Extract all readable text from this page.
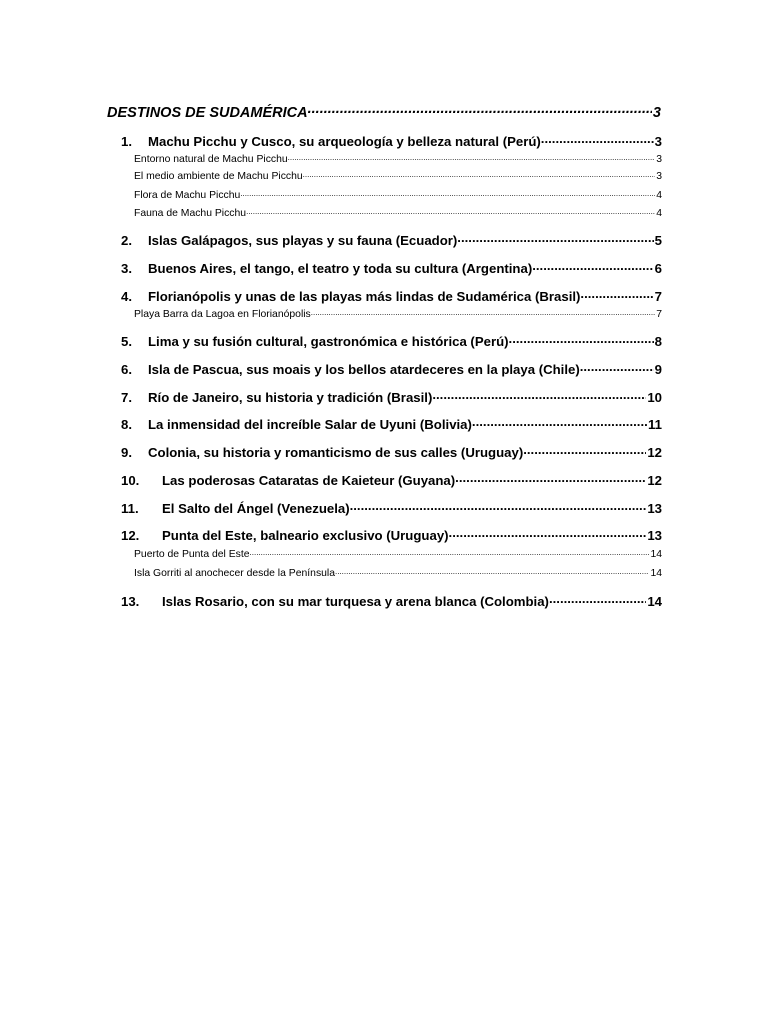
DESTINOS DE SUDAMÉRICA .....	3
1.	Machu Picchu y Cusco, su arqueología y belleza natural (Perú) .....	3
Entorno natural de Machu Picchu .....	3
El medio ambiente de Machu Picchu .....	3
Flora de Machu Picchu .....	4
Fauna de Machu Picchu .....	4
2.	Islas Galápagos, sus playas y su fauna (Ecuador) .....	5
3.	Buenos Aires, el tango, el teatro y toda su cultura (Argentina) .....	6
4.	Florianópolis y unas de las playas más lindas de Sudamérica (Brasil) .....	7
Playa Barra da Lagoa en Florianópolis .....	7
5.	Lima y su fusión cultural, gastronómica e histórica (Perú) .....	8
6.	Isla de Pascua, sus moais y los bellos atardeceres en la playa (Chile) .....	9
7.	Río de Janeiro, su historia y tradición (Brasil) .....	10
8.	La inmensidad del increíble Salar de Uyuni (Bolivia) .....	11
9.	Colonia, su historia y romanticismo de sus calles (Uruguay) .....	12
10.	Las poderosas Cataratas de Kaieteur (Guyana) .....	12
11.	El Salto del Ángel (Venezuela) .....	13
12.	Punta del Este, balneario exclusivo (Uruguay) .....	13
Puerto de Punta del Este .....	14
Isla Gorriti al anochecer desde la Península .....	14
13.	Islas Rosario, con su mar turquesa y arena blanca (Colombia) .....	14
